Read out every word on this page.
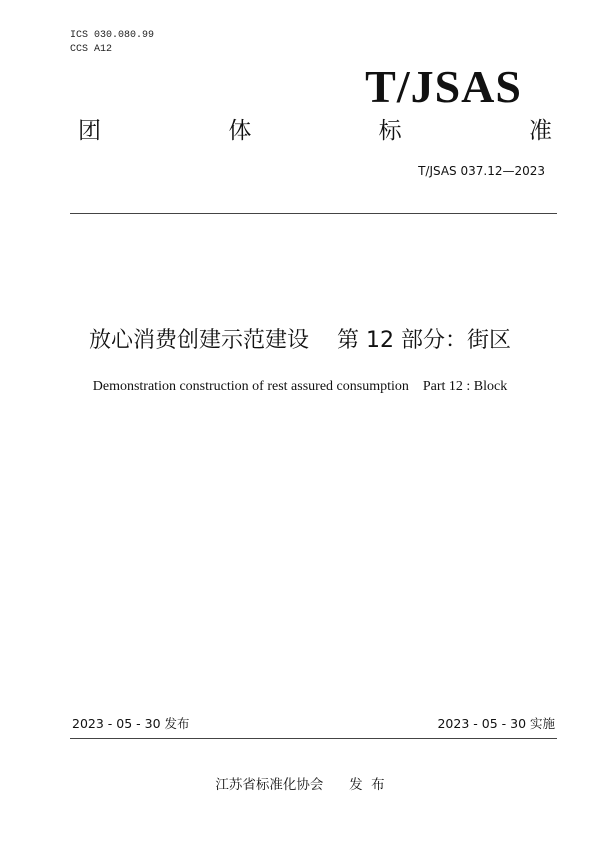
ICS 030.080.99
CCS A12
T/JSAS
团	体	标	准
T/JSAS 037.12—2023
放心消费创建示范建设    第 12 部分：街区
Demonstration construction of rest assured consumption    Part 12 : Block
2023 - 05 - 30 发布	2023 - 05 - 30 实施
江苏省标准化协会      发  布
